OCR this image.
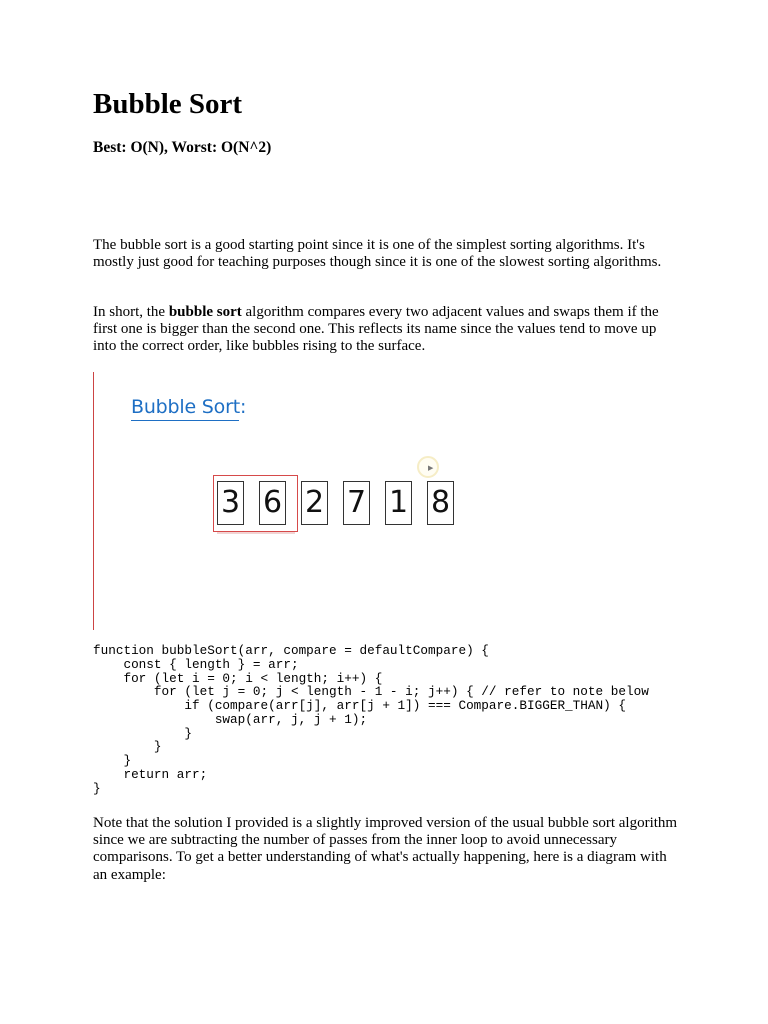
Bubble Sort
Best: O(N), Worst: O(N^2)

The bubble sort is a good starting point since it is one of the simplest sorting algorithms. It's mostly just good for teaching purposes though since it is one of the slowest sorting algorithms.

In short, the bubble sort algorithm compares every two adjacent values and swaps them if the first one is bigger than the second one. This reflects its name since the values tend to move up into the correct order, like bubbles rising to the surface.

Bubble Sort:
3 6 2 7 1 8
▶
function bubbleSort(arr, compare = defaultCompare) {
const { length } = arr;
for (let i = 0; i < length; i++) {
for (let j = 0; j < length - 1 - i; j++) { // refer to note below
if (compare(arr[j], arr[j + 1]) === Compare.BIGGER_THAN) {
swap(arr, j, j + 1);
}
}
}
return arr;
}

Note that the solution I provided is a slightly improved version of the usual bubble sort algorithm since we are subtracting the number of passes from the inner loop to avoid unnecessary comparisons. To get a better understanding of what's actually happening, here is a diagram with an example:
